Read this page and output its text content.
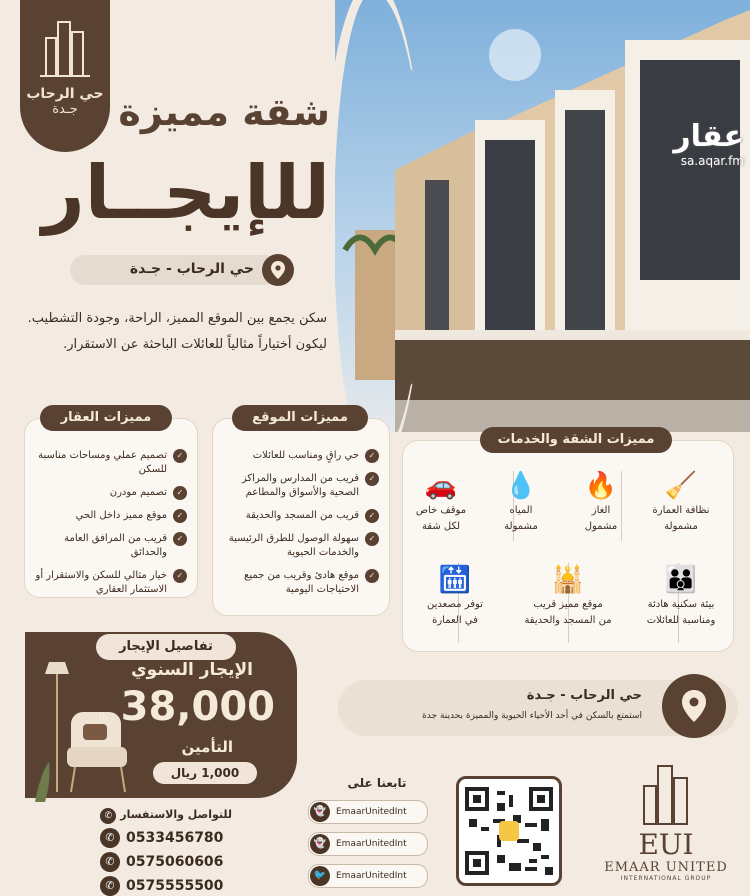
عقار
sa.aqar.fm
حي الرحاب
جـدة	شقة مميزة
للإيجــار
حي الرحاب - جـدة
سكن يجمع بين الموقع المميز، الراحة، وجودة التشطيب. ليكون أختياراً مثالياً للعائلات الباحثة عن الاستقرار.
✓
تصميم عملي ومساحات مناسبة للسكن
✓
تصميم مودرن
✓
موقع مميز داخل الحي
✓
قريب من المرافق العامة والحدائق
✓
خيار مثالي للسكن والاستقرار أو الاستثمار العقاري
مميزات العقار
✓
حي راقٍ ومناسب للعائلات
✓
قريب من المدارس والمراكز الصحية والأسواق والمطاعم
✓
قريب من المسجد والحديقة
✓
سهولة الوصول للطرق الرئيسية والخدمات الحيوية
✓
موقع هادئ وقريب من جميع الاحتياجات اليومية
مميزات الموقع
🧹
نظافة العمارة
مشمولة
🔥
الغاز
مشمول
💧
المياه
مشمولة
🚗
موقف خاص
لكل شقة
👪
بيئة سكنية هادئة
ومناسبة للعائلات
🕌
موقع مميز قريب
من المسجد والحديقة
🛗
توفر مصعدين
في العمارة
مميزات الشقة والخدمات
الإيجار السنوي
38,000
ريال
التأمين
1,000 ريال
تفاصيل الإيجار
حي الرحاب - جـدة
استمتع بالسكن في أحد الأحياء الحيوية والمميزة بحدينة جدة
EUI
EMAAR UNITED
INTERNATIONAL GROUP
تابعنا على
👻	EmaarUnitedInt
👻	EmaarUnitedInt
🐦	EmaarUnitedInt
للتواصل والاستفسار ✆
✆ 0533456780
✆ 0575060606
✆ 0575555500
